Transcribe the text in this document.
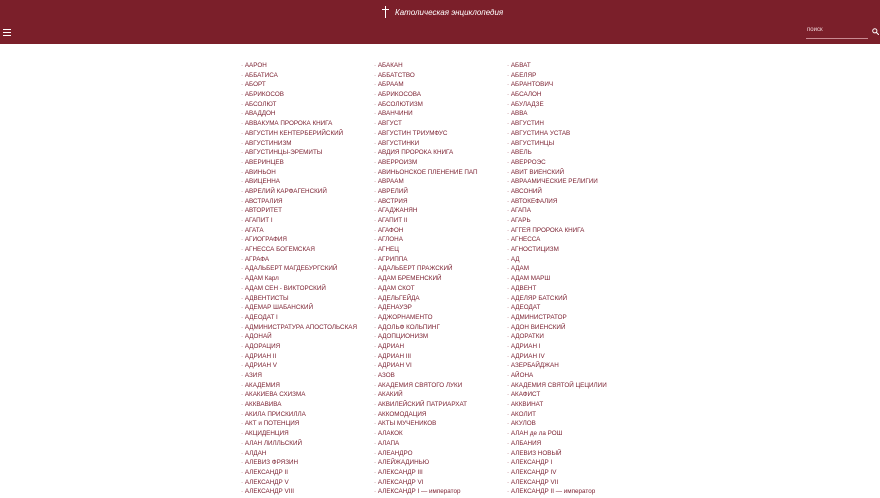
Католическая энциклопедия
поиск
· ААРОН
· АББАТИСА
· АБОРТ
· АБРИКОСОВ
· АБСОЛЮТ
· АВАДДОН
· АВВАКУМА ПРОРОКА КНИГА
· АВГУСТИН КЕНТЕРБЕРИЙСКИЙ
· АВГУСТИНИЗМ
· АВГУСТИНЦЫ-ЭРЕМИТЫ
· АВЕРИНЦЕВ
· АВИНЬОН
· АВИЦЕННА
· АВРЕЛИЙ КАРФАГЕНСКИЙ
· АВСТРАЛИЯ
· АВТОРИТЕТ
· АГАПИТ I
· АГАТА
· АГИОГРАФИЯ
· АГНЕССА БОГЕМСКАЯ
· АГРАФА
· АДАЛЬБЕРТ МАГДЕБУРГСКИЙ
· АДАМ Карл
· АДАМ СЕН - ВИКТОРСКИЙ
· АДВЕНТИСТЫ
· АДЕМАР ШАБАНСКИЙ
· АДЕОДАТ I
· АДМИНИСТРАТУРА АПОСТОЛЬСКАЯ
· АДОНАЙ
· АДОРАЦИЯ
· АДРИАН II
· АДРИАН V
· АЗИЯ
· АКАДЕМИЯ
· АКАКИЕВА СХИЗМА
· АККВАВИВА
· АКИЛА ПРИСКИЛЛА
· АКТ и ПОТЕНЦИЯ
· АКЦИДЕНЦИЯ
· АЛАН ЛИЛЛЬСКИЙ
· АЛДАН
· АЛЕВИЗ ФРЯЗИН
· АЛЕКСАНДР II
· АЛЕКСАНДР V
· АЛЕКСАНДР VIII
· АБАКАН
· АББАТСТВО
· АБРААМ
· АБРИКОСОВА
· АБСОЛЮТИЗМ
· АВАНЧИНИ
· АВГУСТ
· АВГУСТИН ТРИУМФУС
· АВГУСТИНКИ
· АВДИЯ ПРОРОКА КНИГА
· АВЕРРОИЗМ
· АВИНЬОНСКОЕ ПЛЕНЕНИЕ ПАП
· АВРААМ
· АВРЕЛИЙ
· АВСТРИЯ
· АГАДЖАНЯН
· АГАПИТ II
· АГАФОН
· АГЛОНА
· АГНЕЦ
· АГРИППА
· АДАЛЬБЕРТ ПРАЖСКИЙ
· АДАМ БРЕМЕНСКИЙ
· АДАМ СКОТ
· АДЕЛЬГЕЙДА
· АДЕНАУЭР
· АДЖОРНАМЕНТО
· АДОЛЬФ КОЛЬПИНГ
· АДОПЦИОНИЗМ
· АДРИАН
· АДРИАН III
· АДРИАН VI
· АЗОВ
· АКАДЕМИЯ СВЯТОГО ЛУКИ
· АКАКИЙ
· АКВИЛЕЙСКИЙ ПАТРИАРХАТ
· АККОМОДАЦИЯ
· АКТЫ МУЧЕНИКОВ
· АЛАКОК
· АЛАПА
· АЛЕАНДРО
· АЛЕЙЖАДИНЬЮ
· АЛЕКСАНДР III
· АЛЕКСАНДР VI
· АЛЕКСАНДР I — император
· АБВАТ
· АБЕЛЯР
· АБРАНТОВИЧ
· АБСАЛОН
· АБУЛАДЗЕ
· АВВА
· АВГУСТИН
· АВГУСТИНА УСТАВ
· АВГУСТИНЦЫ
· АВЕЛЬ
· АВЕРРОЭС
· АВИТ ВИЕНСКИЙ
· АВРААМИЧЕСКИЕ РЕЛИГИИ
· АВСОНИЙ
· АВТОКЕФАЛИЯ
· АГАПА
· АГАРЬ
· АГГЕЯ ПРОРОКА КНИГА
· АГНЕССА
· АГНОСТИЦИЗМ
· АД
· АДАМ
· АДАМ МАРШ
· АДВЕНТ
· АДЕЛЯР БАТСКИЙ
· АДЕОДАТ
· АДМИНИСТРАТОР
· АДОН ВИЕНСКИЙ
· АДОРАТКИ
· АДРИАН I
· АДРИАН IV
· АЗЕРБАЙДЖАН
· АЙОНА
· АКАДЕМИЯ СВЯТОЙ ЦЕЦИЛИИ
· АКАФИСТ
· АККВИНАТ
· АКОЛИТ
· АКУЛОВ
· АЛАН де ла РОШ
· АЛБАНИЯ
· АЛЕВИЗ НОВЫЙ
· АЛЕКСАНДР I
· АЛЕКСАНДР IV
· АЛЕКСАНДР VII
· АЛЕКСАНДР II — император
